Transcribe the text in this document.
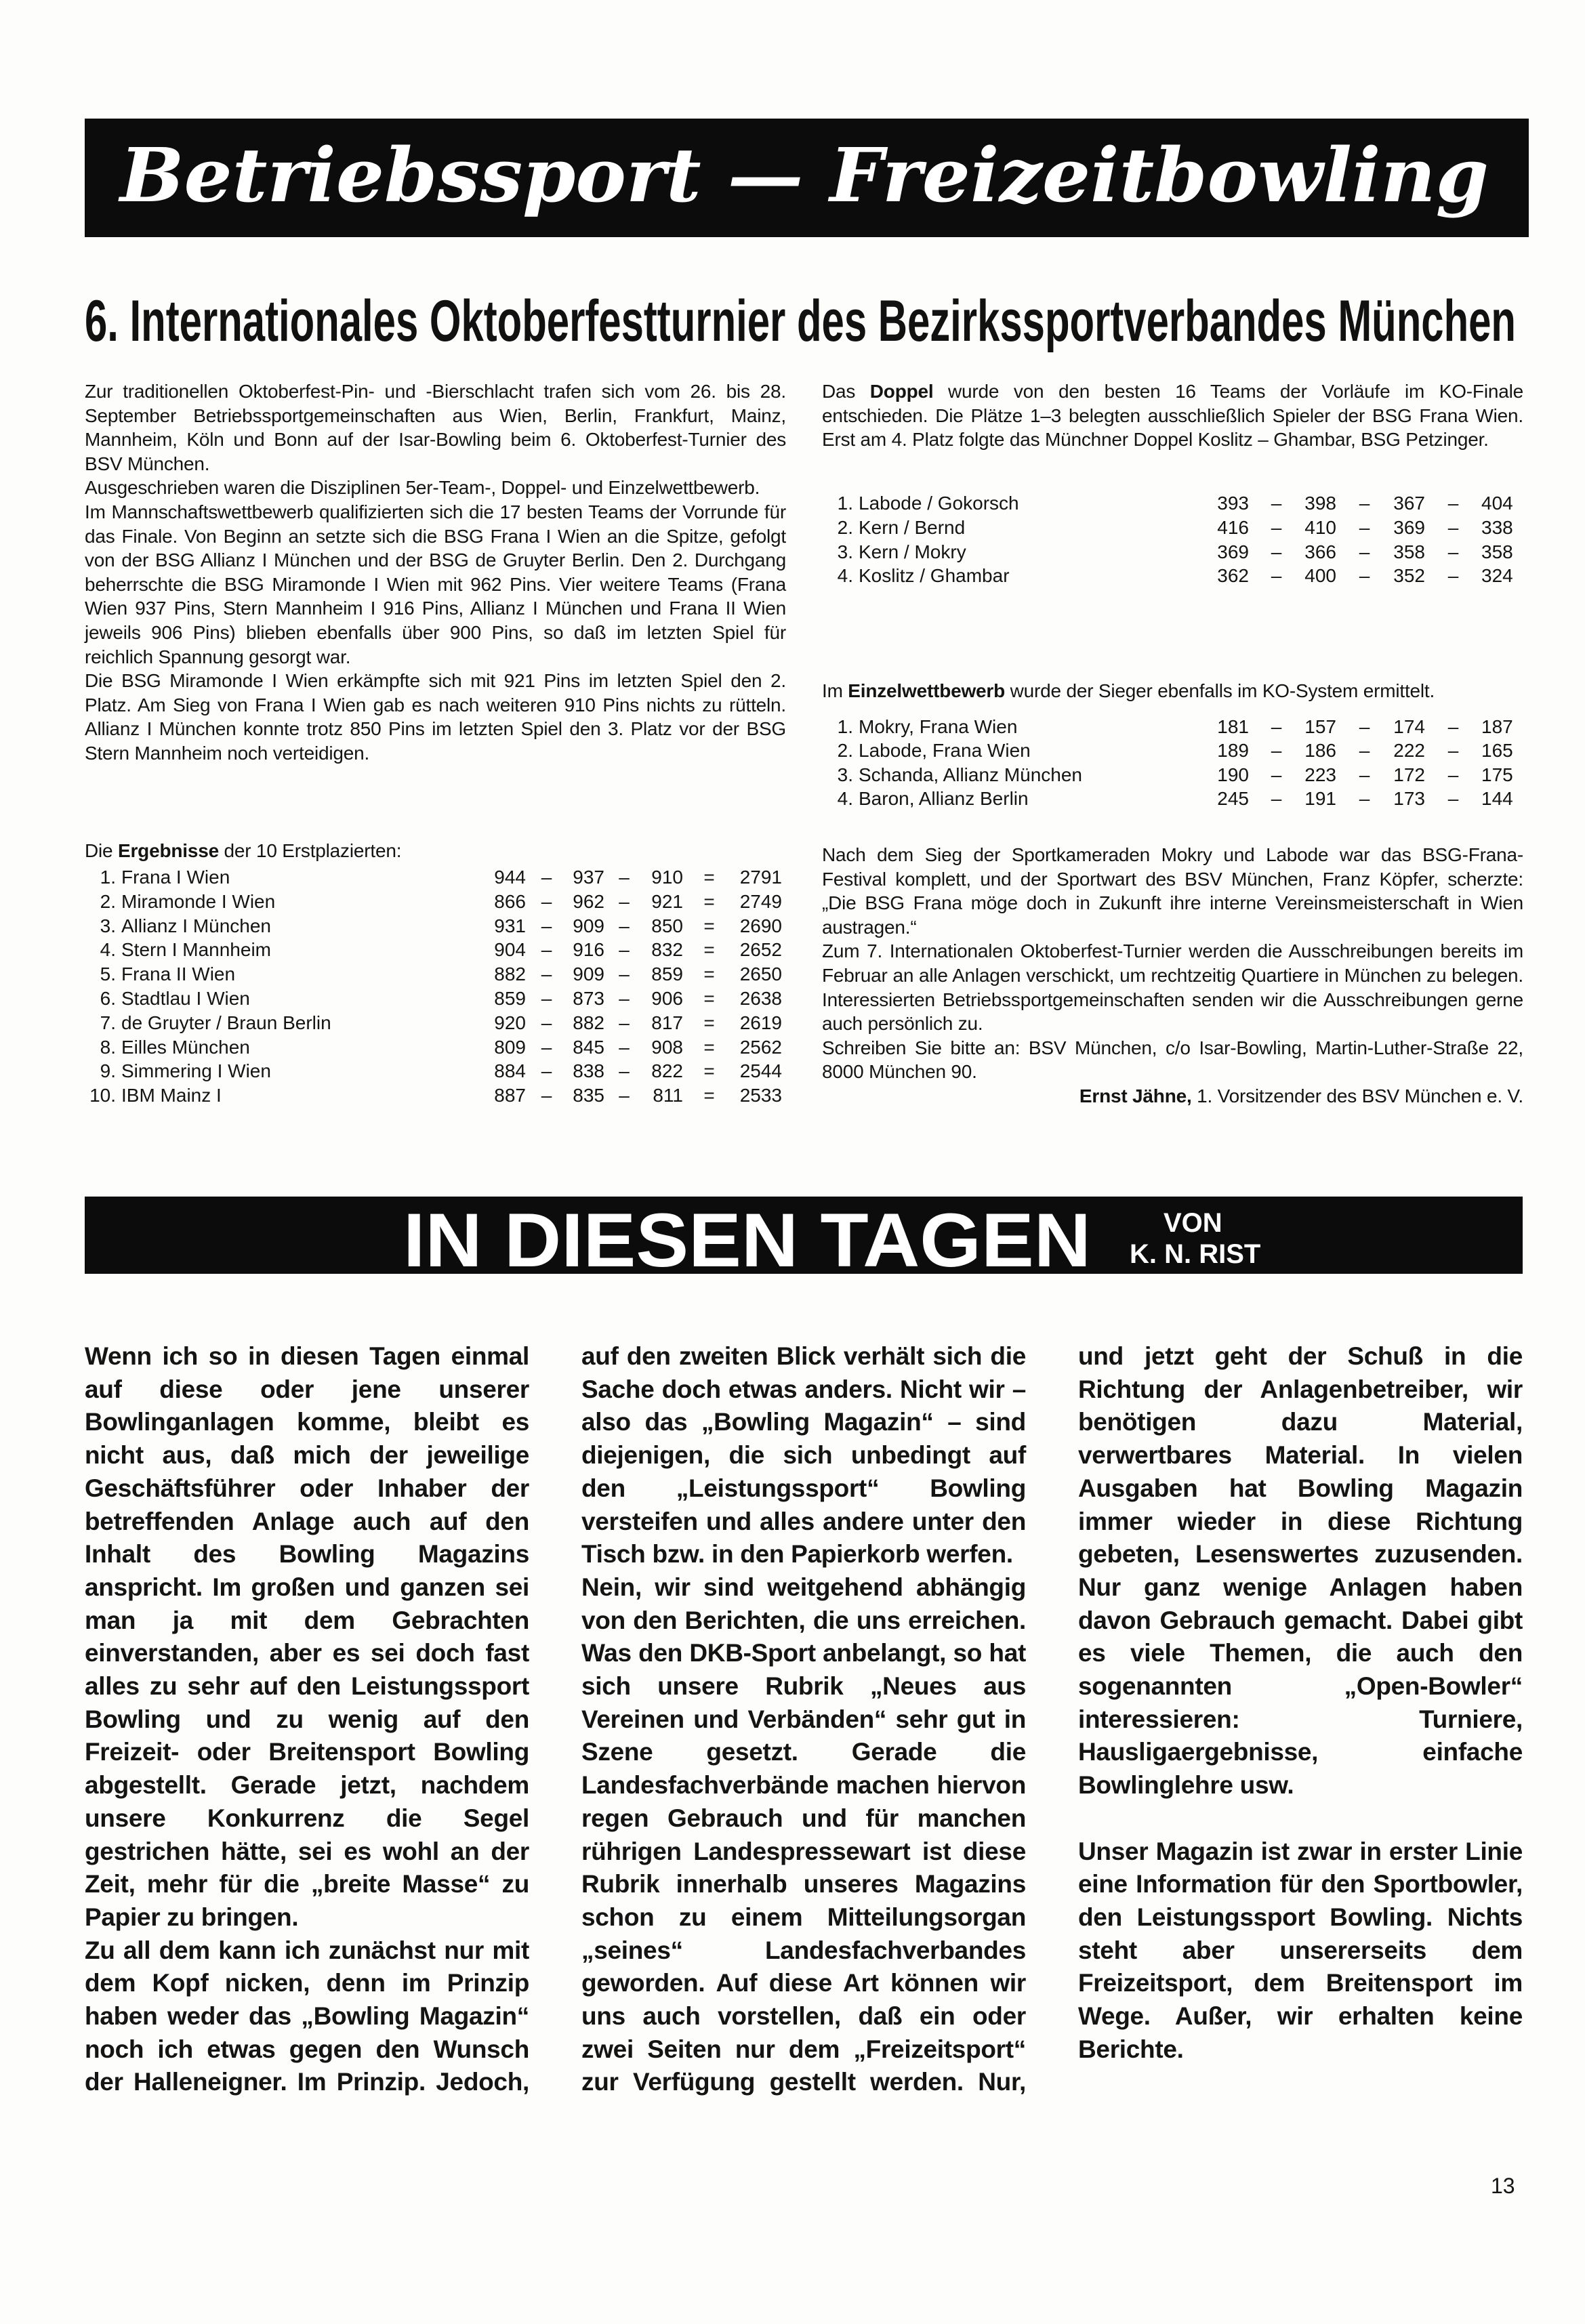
Betriebssport — Freizeitbowling
6. Internationales Oktoberfestturnier des Bezirkssportverbandes München

Zur traditionellen Oktoberfest-Pin- und -Bierschlacht trafen sich vom 26. bis 28. September Betriebssportgemeinschaften aus Wien, Berlin, Frankfurt, Mainz, Mannheim, Köln und Bonn auf der Isar-Bowling beim 6. Oktoberfest-Turnier des BSV München.

Ausgeschrieben waren die Disziplinen 5er-Team-, Doppel- und Einzelwettbewerb.

Im Mannschaftswettbewerb qualifizierten sich die 17 besten Teams der Vorrunde für das Finale. Von Beginn an setzte sich die BSG Frana I Wien an die Spitze, gefolgt von der BSG Allianz I München und der BSG de Gruyter Berlin. Den 2. Durchgang beherrschte die BSG Miramonde I Wien mit 962 Pins. Vier weitere Teams (Frana Wien 937 Pins, Stern Mannheim I 916 Pins, Allianz I München und Frana II Wien jeweils 906 Pins) blieben ebenfalls über 900 Pins, so daß im letzten Spiel für reichlich Spannung gesorgt war.

Die BSG Miramonde I Wien erkämpfte sich mit 921 Pins im letzten Spiel den 2. Platz. Am Sieg von Frana I Wien gab es nach weiteren 910 Pins nichts zu rütteln. Allianz I München konnte trotz 850 Pins im letzten Spiel den 3. Platz vor der BSG Stern Mannheim noch verteidigen.

Die Ergebnisse der 10 Erstplazierten:
1. Frana I Wien	944 –	937 –	910	=	2791
2. Miramonde I Wien	866 –	962 –	921	=	2749
3. Allianz I München	931 –	909 –	850	=	2690
4. Stern I Mannheim	904 –	916 –	832	=	2652
5. Frana II Wien	882 –	909 –	859	=	2650
6. Stadtlau I Wien	859 –	873 –	906	=	2638
7. de Gruyter / Braun Berlin	920 –	882 –	817	=	2619
8. Eilles München	809 –	845 –	908	=	2562
9. Simmering I Wien	884 –	838 –	822	=	2544
10. IBM Mainz I	887 –	835 –	811	=	2533
Das Doppel wurde von den besten 16 Teams der Vorläufe im KO-Finale entschieden. Die Plätze 1–3 belegten ausschließlich Spieler der BSG Frana Wien. Erst am 4. Platz folgte das Münchner Doppel Koslitz – Ghambar, BSG Petzinger.
1. Labode / Gokorsch	393	–	398	–	367	–	404
2. Kern / Bernd	416	–	410	–	369	–	338
3. Kern / Mokry	369	–	366	–	358	–	358
4. Koslitz / Ghambar	362	–	400	–	352	–	324
Im Einzelwettbewerb wurde der Sieger ebenfalls im KO-System ermittelt.
1. Mokry, Frana Wien	181	–	157	–	174	–	187
2. Labode, Frana Wien	189	–	186	–	222	–	165
3. Schanda, Allianz München	190	–	223	–	172	–	175
4. Baron, Allianz Berlin	245	–	191	–	173	–	144

Nach dem Sieg der Sportkameraden Mokry und Labode war das BSG-Frana-Festival komplett, und der Sportwart des BSV München, Franz Köpfer, scherzte: „Die BSG Frana möge doch in Zukunft ihre interne Vereinsmeisterschaft in Wien austragen.“

Zum 7. Internationalen Oktoberfest-Turnier werden die Ausschreibungen bereits im Februar an alle Anlagen verschickt, um rechtzeitig Quartiere in München zu belegen. Interessierten Betriebssportgemeinschaften senden wir die Ausschreibungen gerne auch persönlich zu.

Schreiben Sie bitte an: BSV München, c/o Isar-Bowling, Martin-Luther-Straße 22, 8000 München 90.

Ernst Jähne, 1. Vorsitzender des BSV München e. V.

IN DIESEN TAGEN	VON
K. N. RIST

Wenn ich so in diesen Tagen einmal auf diese oder jene unserer Bowlinganlagen komme, bleibt es nicht aus, daß mich der jeweilige Geschäftsführer oder Inhaber der betreffenden Anlage auch auf den Inhalt des Bowling Magazins anspricht. Im großen und ganzen sei man ja mit dem Gebrachten einverstanden, aber es sei doch fast alles zu sehr auf den Leistungssport Bowling und zu wenig auf den Freizeit- oder Breitensport Bowling abgestellt. Gerade jetzt, nachdem unsere Konkurrenz die Segel gestrichen hätte, sei es wohl an der Zeit, mehr für die „breite Masse“ zu Papier zu bringen.

Zu all dem kann ich zunächst nur mit dem Kopf nicken, denn im Prinzip haben weder das „Bowling Magazin“ noch ich etwas gegen den Wunsch der Halleneigner. Im Prinzip. Jedoch, auf den zweiten Blick verhält sich die Sache doch etwas anders. Nicht wir – also das „Bowling Magazin“ – sind diejenigen, die sich unbedingt auf den „Leistungssport“ Bowling versteifen und alles andere unter den Tisch bzw. in den Papierkorb werfen.

Nein, wir sind weitgehend abhängig von den Berichten, die uns erreichen. Was den DKB-Sport anbelangt, so hat sich unsere Rubrik „Neues aus Vereinen und Verbänden“ sehr gut in Szene gesetzt. Gerade die Landesfachverbände machen hiervon regen Gebrauch und für manchen rührigen Landespressewart ist diese Rubrik innerhalb unseres Magazins schon zu einem Mitteilungsorgan „seines“ Landesfachverbandes geworden. Auf diese Art können wir uns auch vorstellen, daß ein oder zwei Seiten nur dem „Freizeitsport“ zur Verfügung gestellt werden. Nur, und jetzt geht der Schuß in die Richtung der Anlagenbetreiber, wir benötigen dazu Material, verwertbares Material. In vielen Ausgaben hat Bowling Magazin immer wieder in diese Richtung gebeten, Lesenswertes zuzusenden. Nur ganz wenige Anlagen haben davon Gebrauch gemacht. Dabei gibt es viele Themen, die auch den sogenannten „Open-Bowler“ interessieren: Turniere, Hausligaergebnisse, einfache Bowlinglehre usw.

Unser Magazin ist zwar in erster Linie eine Information für den Sportbowler, den Leistungssport Bowling. Nichts steht aber unsererseits dem Freizeitsport, dem Breitensport im Wege. Außer, wir erhalten keine Berichte.

13
